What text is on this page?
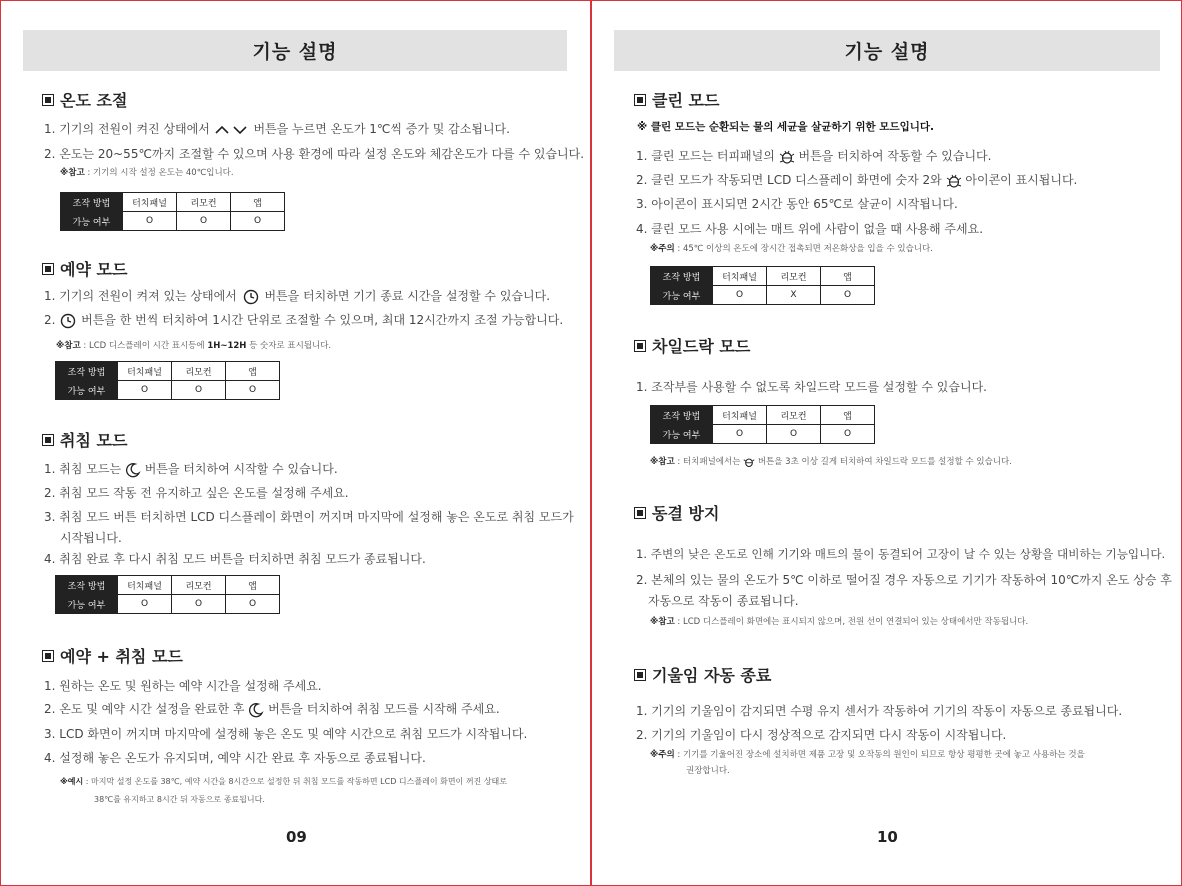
기능 설명
온도 조절
1. 기기의 전원이 켜진 상태에서	버튼을 누르면 온도가 1℃씩 증가 및 감소됩니다.
2. 온도는 20~55℃까지 조절할 수 있으며 사용 환경에 따라 설정 온도와 체감온도가 다를 수 있습니다.
※참고 : 기기의 시작 설정 온도는 40℃입니다.
조작 방법	터치패널	리모컨	앱
가능 여부	O	O	O
예약 모드
1. 기기의 전원이 켜져 있는 상태에서 버튼을 터치하면 기기 종료 시간을 설정할 수 있습니다.
2. 버튼을 한 번씩 터치하여 1시간 단위로 조절할 수 있으며, 최대 12시간까지 조절 가능합니다.
※참고 : LCD 디스플레이 시간 표시등에 1H~12H 등 숫자로 표시됩니다.
조작 방법	터치패널	리모컨	앱
가능 여부	O	O	O
취침 모드
1. 취침 모드는 버튼을 터치하여 시작할 수 있습니다.
2. 취침 모드 작동 전 유지하고 싶은 온도를 설정해 주세요.
3. 취침 모드 버튼 터치하면 LCD 디스플레이 화면이 꺼지며 마지막에 설정해 놓은 온도로 취침 모드가
시작됩니다.
4. 취침 완료 후 다시 취침 모드 버튼을 터치하면 취침 모드가 종료됩니다.
조작 방법	터치패널	리모컨	앱
가능 여부	O	O	O
예약 + 취침 모드
1. 원하는 온도 및 원하는 예약 시간을 설정해 주세요.
2. 온도 및 예약 시간 설정을 완료한 후 버튼을 터치하여 취침 모드를 시작해 주세요.
3. LCD 화면이 꺼지며 마지막에 설정해 놓은 온도 및 예약 시간으로 취침 모드가 시작됩니다.
4. 설정해 놓은 온도가 유지되며, 예약 시간 완료 후 자동으로 종료됩니다.
※예시 : 마지막 설정 온도를 38℃, 예약 시간을 8시간으로 설정한 뒤 취침 모드를 작동하면 LCD 디스플레이 화면이 꺼진 상태로
38℃를 유지하고 8시간 뒤 자동으로 종료됩니다.
09
기능 설명
클린 모드
※ 클린 모드는 순환되는 물의 세균을 살균하기 위한 모드입니다.
1. 클린 모드는 터피패널의 버튼을 터치하여 작동할 수 있습니다.
2. 클린 모드가 작동되면 LCD 디스플레이 화면에 숫자 2와 아이콘이 표시됩니다.
3. 아이콘이 표시되면 2시간 동안 65℃로 살균이 시작됩니다.
4. 클린 모드 사용 시에는 매트 위에 사람이 없을 때 사용해 주세요.
※주의 : 45℃ 이상의 온도에 장시간 접촉되면 저온화상을 입을 수 있습니다.
조작 방법	터치패널	리모컨	앱
가능 여부	O	X	O
차일드락 모드
1. 조작부를 사용할 수 없도록 차일드락 모드를 설정할 수 있습니다.
조작 방법	터치패널	리모컨	앱
가능 여부	O	O	O
※참고 : 터치패널에서는 버튼을 3초 이상 길게 터치하여 차일드락 모드를 설정할 수 있습니다.
동결 방지
1. 주변의 낮은 온도로 인해 기기와 매트의 물이 동결되어 고장이 날 수 있는 상황을 대비하는 기능입니다.
2. 본체의 있는 물의 온도가 5℃ 이하로 떨어질 경우 자동으로 기기가 작동하여 10℃까지 온도 상승 후
자동으로 작동이 종료됩니다.
※참고 : LCD 디스플레이 화면에는 표시되지 않으며, 전원 선이 연결되어 있는 상태에서만 작동됩니다.
기울임 자동 종료
1. 기기의 기울임이 감지되면 수평 유지 센서가 작동하여 기기의 작동이 자동으로 종료됩니다.
2. 기기의 기울임이 다시 정상적으로 감지되면 다시 작동이 시작됩니다.
※주의 : 기기를 기울어진 장소에 설치하면 제품 고장 및 오작동의 원인이 되므로 항상 평평한 곳에 놓고 사용하는 것을
권장합니다.
10
